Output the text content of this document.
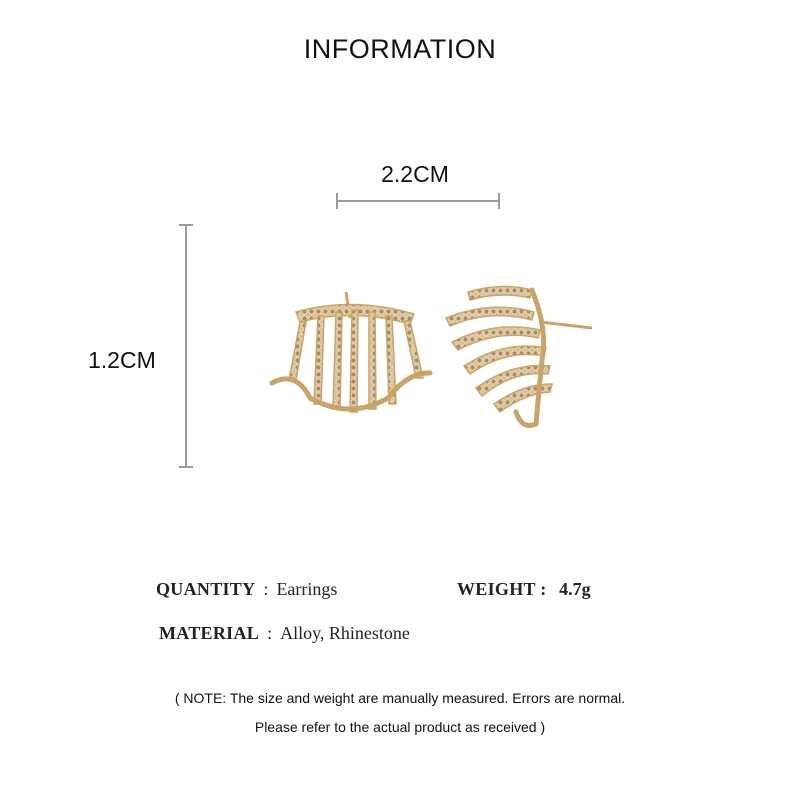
INFORMATION
2.2CM
1.2CM
QUANTITY : Earrings	WEIGHT : 4.7g
MATERIAL : Alloy, Rhinestone
( NOTE: The size and weight are manually measured. Errors are normal.
Please refer to the actual product as received )
